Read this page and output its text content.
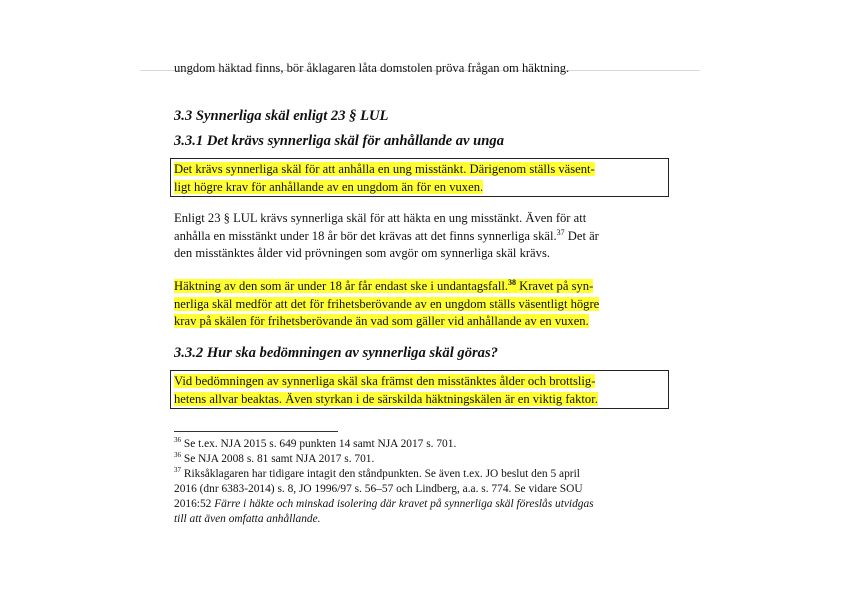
ungdom häktad finns, bör åklagaren låta domstolen pröva frågan om häktning.
3.3 Synnerliga skäl enligt 23 § LUL
3.3.1 Det krävs synnerliga skäl för anhållande av unga
Det krävs synnerliga skäl för att anhålla en ung misstänkt. Därigenom ställs väsent-
ligt högre krav för anhållande av en ungdom än för en vuxen.
Enligt 23 § LUL krävs synnerliga skäl för att häkta en ung misstänkt. Även för att
anhålla en misstänkt under 18 år bör det krävas att det finns synnerliga skäl.$^{37}$ Det är
den misstänktes ålder vid prövningen som avgör om synnerliga skäl krävs.
Häktning av den som är under 18 år får endast ske i undantagsfall.$^{38}$ Kravet på syn-
nerliga skäl medför att det för frihetsberövande av en ungdom ställs väsentligt högre
krav på skälen för frihetsberövande än vad som gäller vid anhållande av en vuxen.
3.3.2 Hur ska bedömningen av synnerliga skäl göras?
Vid bedömningen av synnerliga skäl ska främst den misstänktes ålder och brottslig-
hetens allvar beaktas. Även styrkan i de särskilda häktningskälen är en viktig faktor.
$^{36}$ Se t.ex. NJA 2015 s. 649 punkten 14 samt NJA 2017 s. 701.
$^{36}$ Se NJA 2008 s. 81 samt NJA 2017 s. 701.
$^{37}$ Riksåklagaren har tidigare intagit den ståndpunkten. Se även t.ex. JO beslut den 5 april
2016 (dnr 6383-2014) s. 8, JO 1996/97 s. 56–57 och Lindberg, a.a. s. 774. Se vidare SOU
2016:52 Färre i häkte och minskad isolering där kravet på synnerliga skäl föreslås utvidgas
till att även omfatta anhållande.
